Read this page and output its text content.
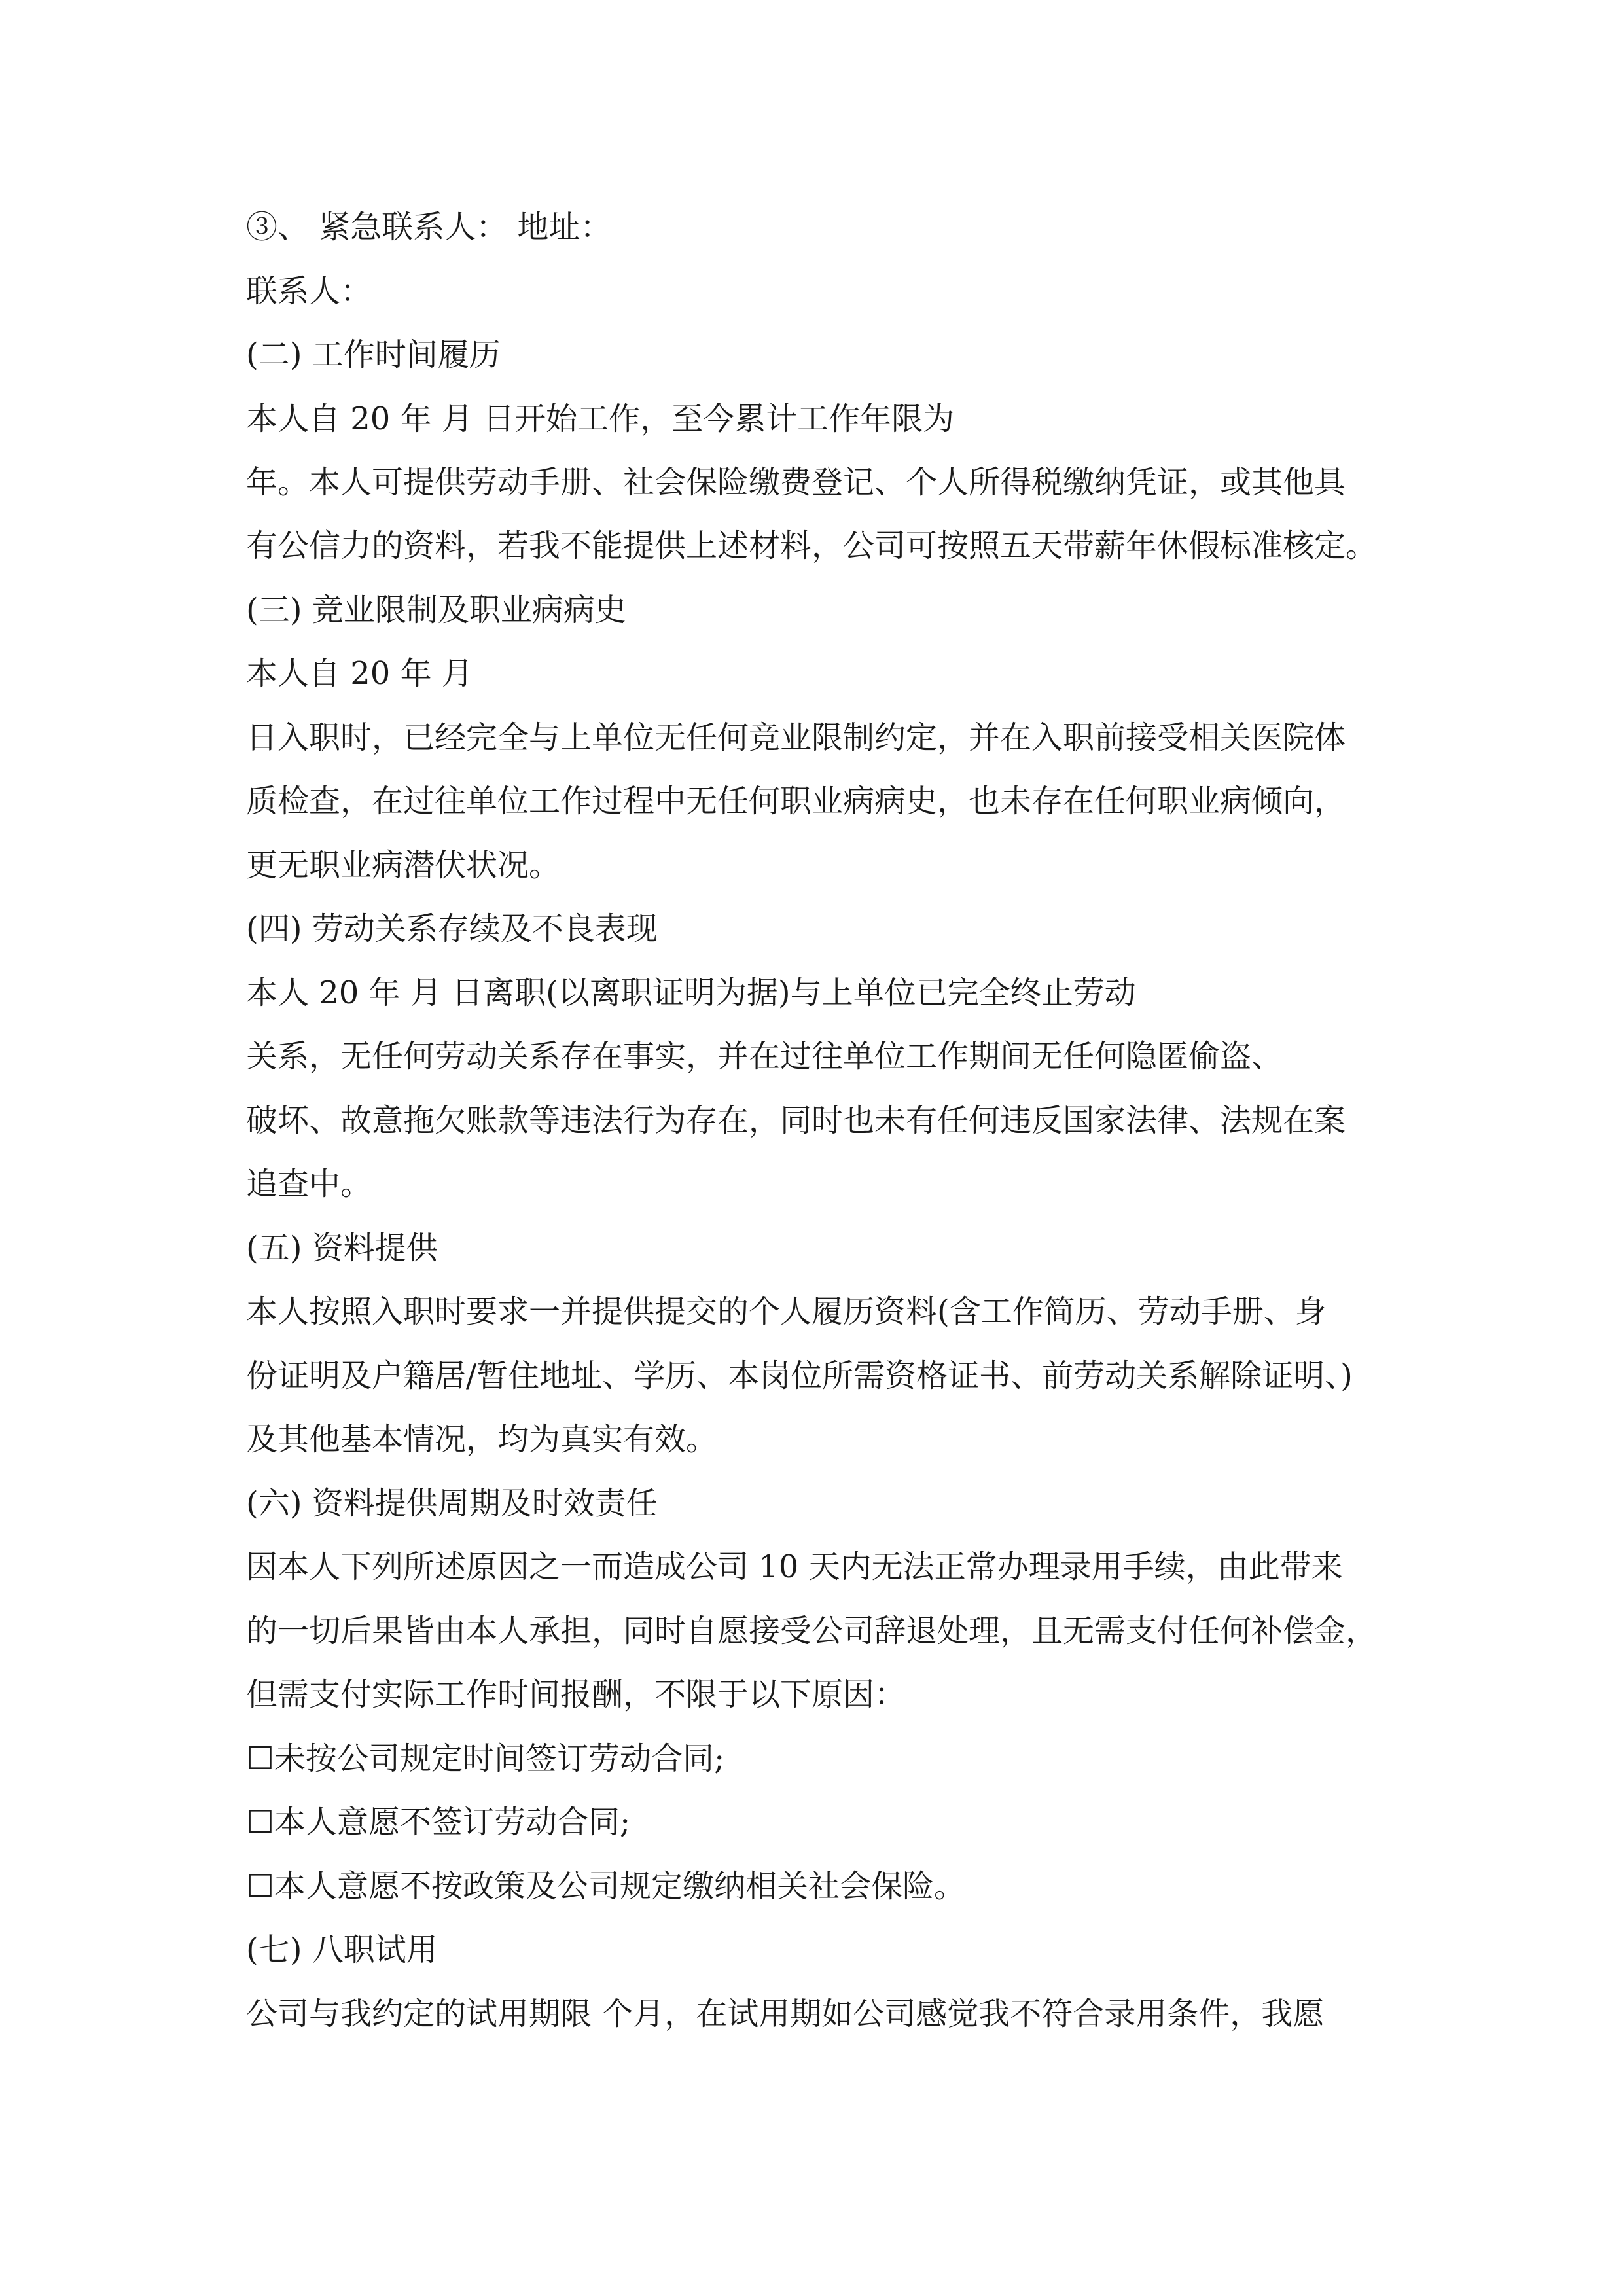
③、 紧急联系人： 地址：
联系人：
(二) 工作时间履历
本人自 20 年 月 日开始工作，至今累计工作年限为
年。本人可提供劳动手册、社会保险缴费登记、个人所得税缴纳凭证，或其他具
有公信力的资料，若我不能提供上述材料，公司可按照五天带薪年休假标准核定。
(三) 竞业限制及职业病病史
本人自 20 年 月
日入职时，已经完全与上单位无任何竞业限制约定，并在入职前接受相关医院体
质检查，在过往单位工作过程中无任何职业病病史，也未存在任何职业病倾向，
更无职业病潜伏状况。
(四) 劳动关系存续及不良表现
本人 20 年 月 日离职(以离职证明为据)与上单位已完全终止劳动
关系，无任何劳动关系存在事实，并在过往单位工作期间无任何隐匿偷盗、
破坏、故意拖欠账款等违法行为存在，同时也未有任何违反国家法律、法规在案
追查中。
(五) 资料提供
本人按照入职时要求一并提供提交的个人履历资料(含工作简历、劳动手册、身
份证明及户籍居/暂住地址、学历、本岗位所需资格证书、前劳动关系解除证明、)
及其他基本情况，均为真实有效。
(六) 资料提供周期及时效责任
因本人下列所述原因之一而造成公司 10 天内无法正常办理录用手续，由此带来
的一切后果皆由本人承担，同时自愿接受公司辞退处理，且无需支付任何补偿金，
但需支付实际工作时间报酬，不限于以下原因：
☐未按公司规定时间签订劳动合同;
☐本人意愿不签订劳动合同;
☐本人意愿不按政策及公司规定缴纳相关社会保险。
(七) 八职试用
公司与我约定的试用期限 个月，在试用期如公司感觉我不符合录用条件，我愿
